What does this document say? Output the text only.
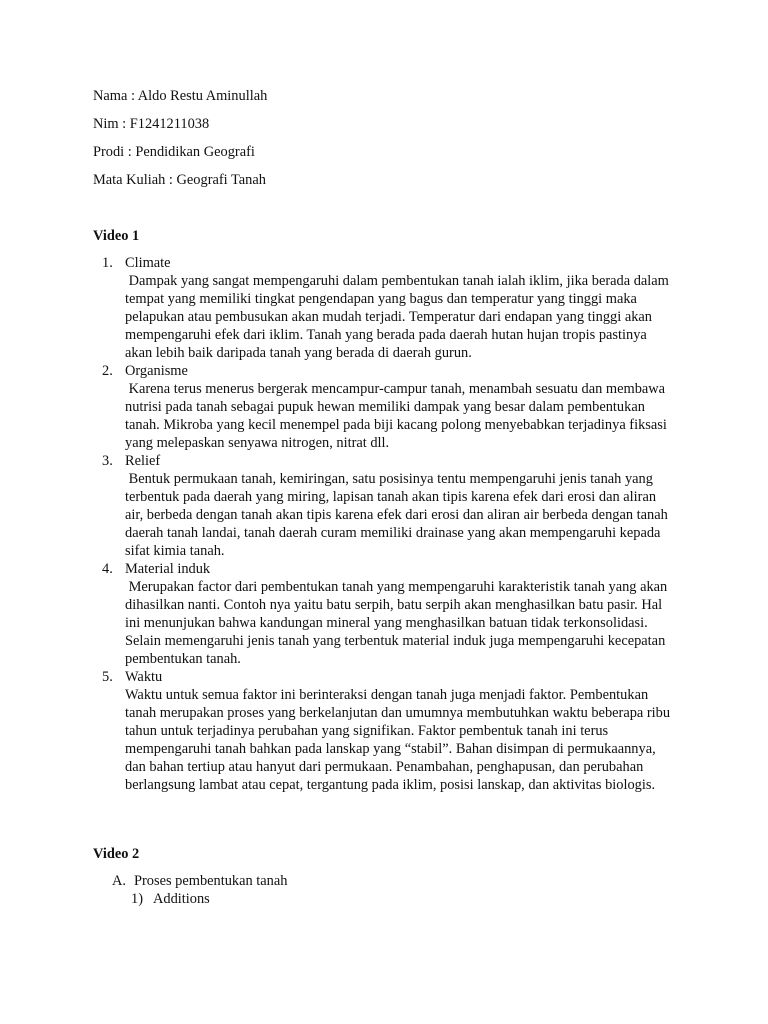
Nama : Aldo Restu Aminullah
Nim : F1241211038
Prodi : Pendidikan Geografi
Mata Kuliah : Geografi Tanah
Video 1
1. Climate
Dampak yang sangat mempengaruhi dalam pembentukan tanah ialah iklim, jika berada dalam tempat yang memiliki tingkat pengendapan yang bagus dan temperatur yang tinggi maka pelapukan atau pembusukan akan mudah terjadi. Temperatur dari endapan yang tinggi akan mempengaruhi efek dari iklim. Tanah yang berada pada daerah hutan hujan tropis pastinya akan lebih baik daripada tanah yang berada di daerah gurun.
2. Organisme
Karena terus menerus bergerak mencampur-campur tanah, menambah sesuatu dan membawa nutrisi pada tanah sebagai pupuk hewan memiliki dampak yang besar dalam pembentukan tanah. Mikroba yang kecil menempel pada biji kacang polong menyebabkan terjadinya fiksasi yang melepaskan senyawa nitrogen, nitrat dll.
3. Relief
Bentuk permukaan tanah, kemiringan, satu posisinya tentu mempengaruhi jenis tanah yang terbentuk pada daerah yang miring, lapisan tanah akan tipis karena efek dari erosi dan aliran air, berbeda dengan tanah akan tipis karena efek dari erosi dan aliran air berbeda dengan tanah daerah tanah landai, tanah daerah curam memiliki drainase yang akan mempengaruhi kepada sifat kimia tanah.
4. Material induk
Merupakan factor dari pembentukan tanah yang mempengaruhi karakteristik tanah yang akan dihasilkan nanti. Contoh nya yaitu batu serpih, batu serpih akan menghasilkan batu pasir. Hal ini menunjukan bahwa kandungan mineral yang menghasilkan batuan tidak terkonsolidasi. Selain memengaruhi jenis tanah yang terbentuk material induk juga mempengaruhi kecepatan pembentukan tanah.
5. Waktu
Waktu untuk semua faktor ini berinteraksi dengan tanah juga menjadi faktor. Pembentukan tanah merupakan proses yang berkelanjutan dan umumnya membutuhkan waktu beberapa ribu tahun untuk terjadinya perubahan yang signifikan. Faktor pembentuk tanah ini terus mempengaruhi tanah bahkan pada lanskap yang “stabil”. Bahan disimpan di permukaannya, dan bahan tertiup atau hanyut dari permukaan. Penambahan, penghapusan, dan perubahan berlangsung lambat atau cepat, tergantung pada iklim, posisi lanskap, dan aktivitas biologis.
Video 2
A. Proses pembentukan tanah
1) Additions
